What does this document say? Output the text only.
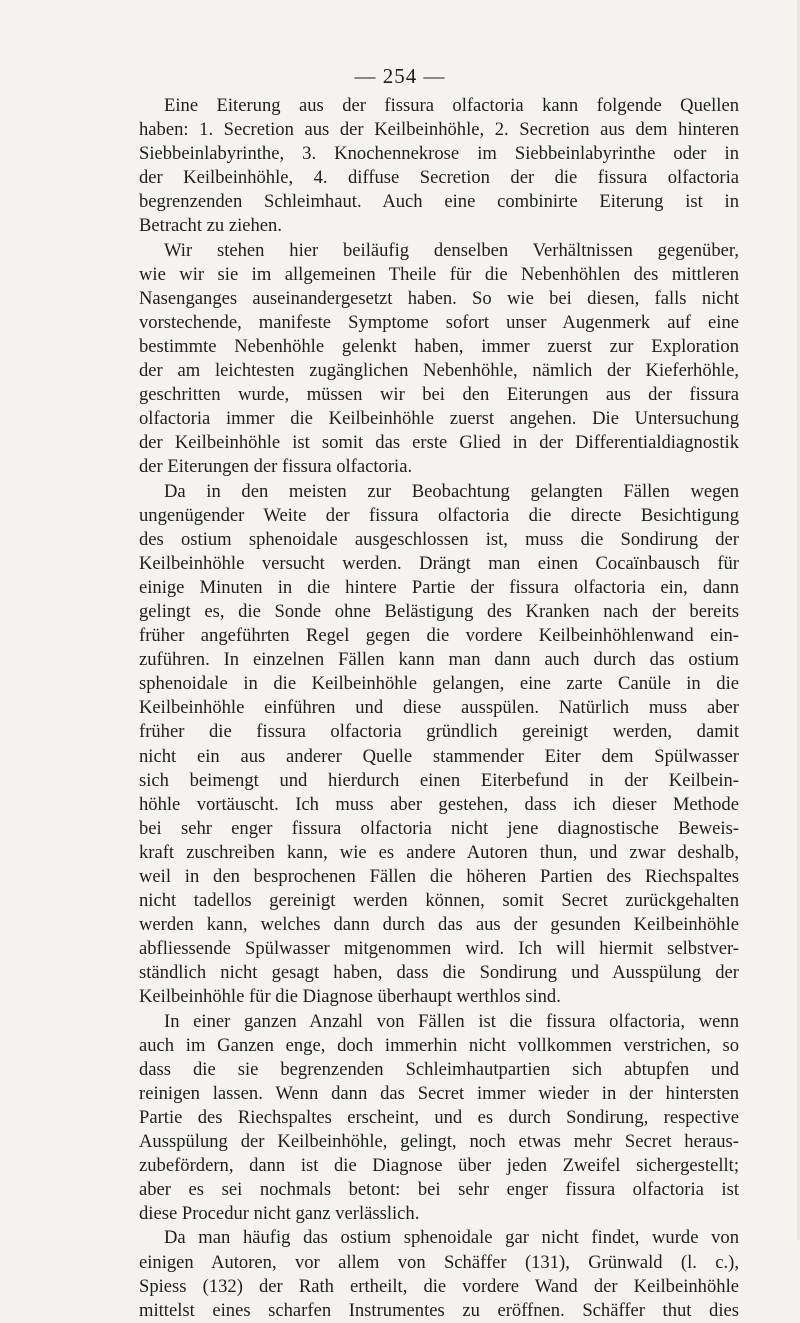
— 254 —
Eine Eiterung aus der fissura olfactoria kann folgende Quellen
haben: 1. Secretion aus der Keilbeinhöhle, 2. Secretion aus dem hinteren
Siebbeinlabyrinthe, 3. Knochennekrose im Siebbeinlabyrinthe oder in
der Keilbeinhöhle, 4. diffuse Secretion der die fissura olfactoria
begrenzenden Schleimhaut. Auch eine combinirte Eiterung ist in
Betracht zu ziehen.
Wir stehen hier beiläufig denselben Verhältnissen gegenüber,
wie wir sie im allgemeinen Theile für die Nebenhöhlen des mittleren
Nasenganges auseinandergesetzt haben. So wie bei diesen, falls nicht
vorstechende, manifeste Symptome sofort unser Augenmerk auf eine
bestimmte Nebenhöhle gelenkt haben, immer zuerst zur Exploration
der am leichtesten zugänglichen Nebenhöhle, nämlich der Kieferhöhle,
geschritten wurde, müssen wir bei den Eiterungen aus der fissura
olfactoria immer die Keilbeinhöhle zuerst angehen. Die Untersuchung
der Keilbeinhöhle ist somit das erste Glied in der Differentialdiagnostik
der Eiterungen der fissura olfactoria.
Da in den meisten zur Beobachtung gelangten Fällen wegen
ungenügender Weite der fissura olfactoria die directe Besichtigung
des ostium sphenoidale ausgeschlossen ist, muss die Sondirung der
Keilbeinhöhle versucht werden. Drängt man einen Cocaïnbausch für
einige Minuten in die hintere Partie der fissura olfactoria ein, dann
gelingt es, die Sonde ohne Belästigung des Kranken nach der bereits
früher angeführten Regel gegen die vordere Keilbeinhöhlenwand ein-
zuführen. In einzelnen Fällen kann man dann auch durch das ostium
sphenoidale in die Keilbeinhöhle gelangen, eine zarte Canüle in die
Keilbeinhöhle einführen und diese ausspülen. Natürlich muss aber
früher die fissura olfactoria gründlich gereinigt werden, damit
nicht ein aus anderer Quelle stammender Eiter dem Spülwasser
sich beimengt und hierdurch einen Eiterbefund in der Keilbein-
höhle vortäuscht. Ich muss aber gestehen, dass ich dieser Methode
bei sehr enger fissura olfactoria nicht jene diagnostische Beweis-
kraft zuschreiben kann, wie es andere Autoren thun, und zwar deshalb,
weil in den besprochenen Fällen die höheren Partien des Riechspaltes
nicht tadellos gereinigt werden können, somit Secret zurückgehalten
werden kann, welches dann durch das aus der gesunden Keilbeinhöhle
abfliessende Spülwasser mitgenommen wird. Ich will hiermit selbstver-
ständlich nicht gesagt haben, dass die Sondirung und Ausspülung der
Keilbeinhöhle für die Diagnose überhaupt werthlos sind.
In einer ganzen Anzahl von Fällen ist die fissura olfactoria, wenn
auch im Ganzen enge, doch immerhin nicht vollkommen verstrichen, so
dass die sie begrenzenden Schleimhautpartien sich abtupfen und
reinigen lassen. Wenn dann das Secret immer wieder in der hintersten
Partie des Riechspaltes erscheint, und es durch Sondirung, respective
Ausspülung der Keilbeinhöhle, gelingt, noch etwas mehr Secret heraus-
zubefördern, dann ist die Diagnose über jeden Zweifel sichergestellt;
aber es sei nochmals betont: bei sehr enger fissura olfactoria ist
diese Procedur nicht ganz verlässlich.
Da man häufig das ostium sphenoidale gar nicht findet, wurde von
einigen Autoren, vor allem von Schäffer (131), Grünwald (l. c.),
Spiess (132) der Rath ertheilt, die vordere Wand der Keilbeinhöhle
mittelst eines scharfen Instrumentes zu eröffnen. Schäffer thut dies
